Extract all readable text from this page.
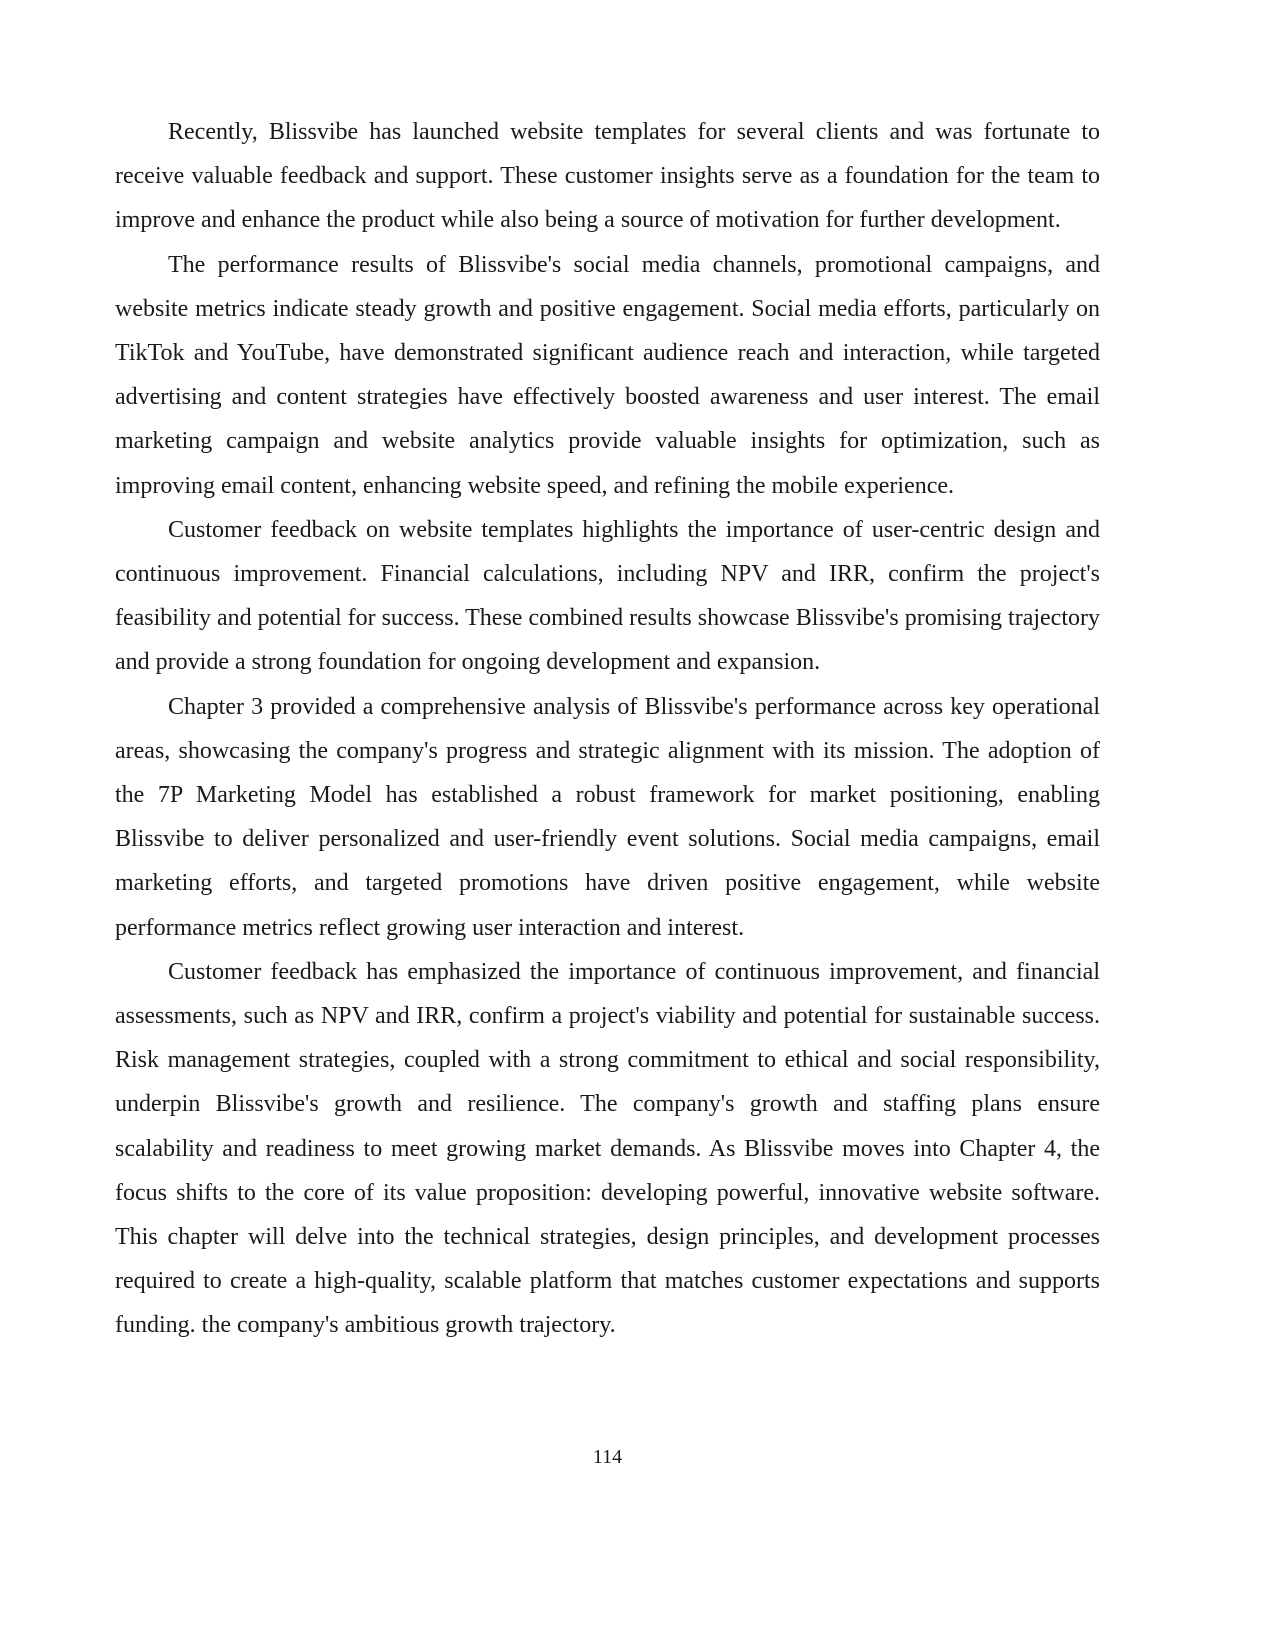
Recently, Blissvibe has launched website templates for several clients and was fortunate to receive valuable feedback and support. These customer insights serve as a foundation for the team to improve and enhance the product while also being a source of motivation for further development.

The performance results of Blissvibe's social media channels, promotional campaigns, and website metrics indicate steady growth and positive engagement. Social media efforts, particularly on TikTok and YouTube, have demonstrated significant audience reach and interaction, while targeted advertising and content strategies have effectively boosted awareness and user interest. The email marketing campaign and website analytics provide valuable insights for optimization, such as improving email content, enhancing website speed, and refining the mobile experience.

Customer feedback on website templates highlights the importance of user-centric design and continuous improvement. Financial calculations, including NPV and IRR, confirm the project's feasibility and potential for success. These combined results showcase Blissvibe's promising trajectory and provide a strong foundation for ongoing development and expansion.

Chapter 3 provided a comprehensive analysis of Blissvibe's performance across key operational areas, showcasing the company's progress and strategic alignment with its mission. The adoption of the 7P Marketing Model has established a robust framework for market positioning, enabling Blissvibe to deliver personalized and user-friendly event solutions. Social media campaigns, email marketing efforts, and targeted promotions have driven positive engagement, while website performance metrics reflect growing user interaction and interest.

Customer feedback has emphasized the importance of continuous improvement, and financial assessments, such as NPV and IRR, confirm a project's viability and potential for sustainable success. Risk management strategies, coupled with a strong commitment to ethical and social responsibility, underpin Blissvibe's growth and resilience. The company's growth and staffing plans ensure scalability and readiness to meet growing market demands. As Blissvibe moves into Chapter 4, the focus shifts to the core of its value proposition: developing powerful, innovative website software. This chapter will delve into the technical strategies, design principles, and development processes required to create a high-quality, scalable platform that matches customer expectations and supports funding. the company's ambitious growth trajectory.

114
